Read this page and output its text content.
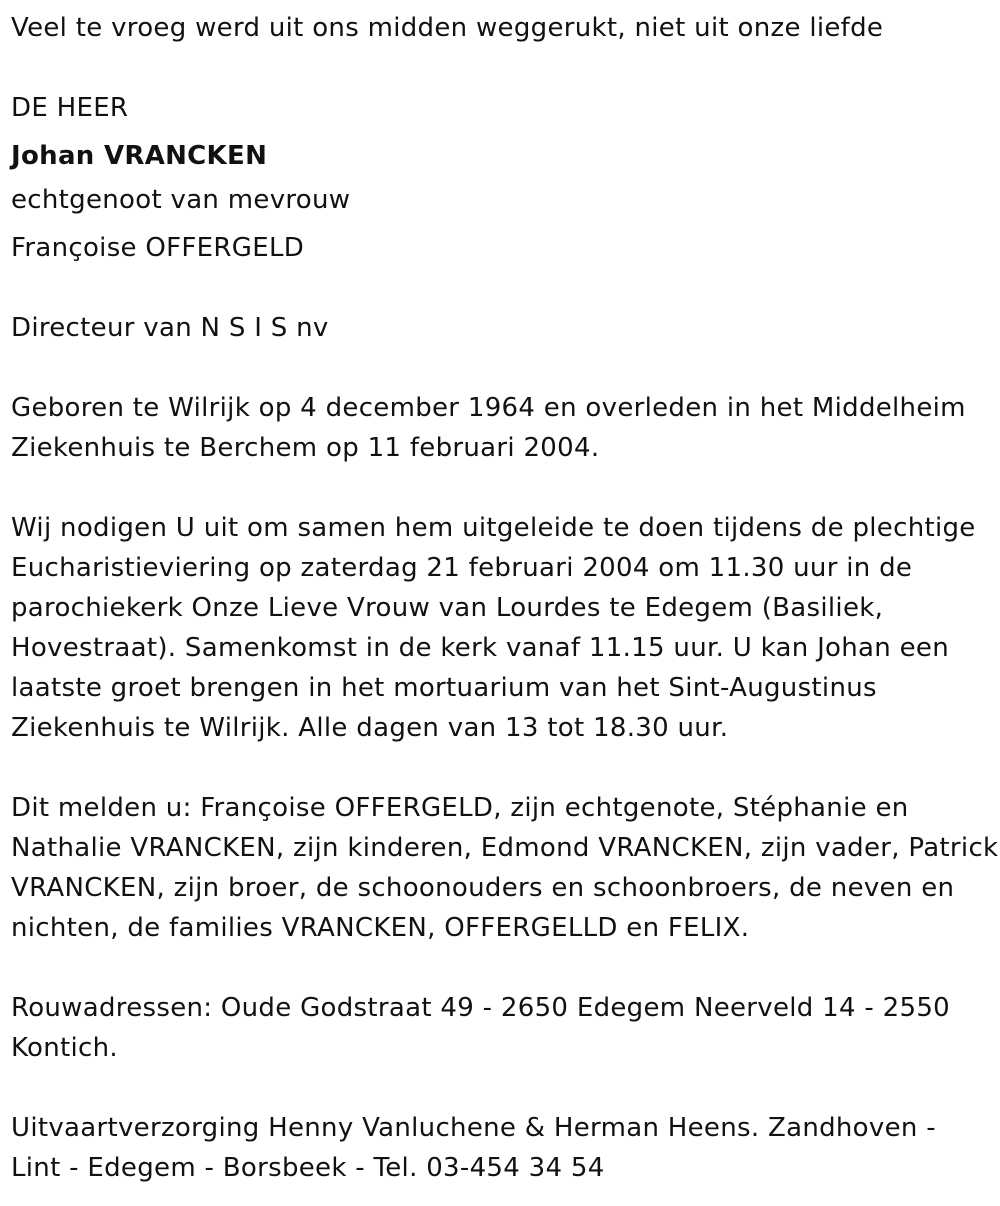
Veel te vroeg werd uit ons midden weggerukt, niet uit onze liefde
DE HEER
Johan VRANCKEN
echtgenoot van mevrouw
Françoise OFFERGELD
Directeur van N S I S nv
Geboren te Wilrijk op 4 december 1964 en overleden in het Middelheim
Ziekenhuis te Berchem op 11 februari 2004.
Wij nodigen U uit om samen hem uitgeleide te doen tijdens de plechtige
Eucharistieviering op zaterdag 21 februari 2004 om 11.30 uur in de
parochiekerk Onze Lieve Vrouw van Lourdes te Edegem (Basiliek,
Hovestraat). Samenkomst in de kerk vanaf 11.15 uur. U kan Johan een
laatste groet brengen in het mortuarium van het Sint-Augustinus
Ziekenhuis te Wilrijk. Alle dagen van 13 tot 18.30 uur.
Dit melden u: Françoise OFFERGELD, zijn echtgenote, Stéphanie en
Nathalie VRANCKEN, zijn kinderen, Edmond VRANCKEN, zijn vader, Patrick
VRANCKEN, zijn broer, de schoonouders en schoonbroers, de neven en
nichten, de families VRANCKEN, OFFERGELLD en FELIX.
Rouwadressen: Oude Godstraat 49 - 2650 Edegem Neerveld 14 - 2550
Kontich.
Uitvaartverzorging Henny Vanluchene & Herman Heens. Zandhoven -
Lint - Edegem - Borsbeek - Tel. 03-454 34 54
